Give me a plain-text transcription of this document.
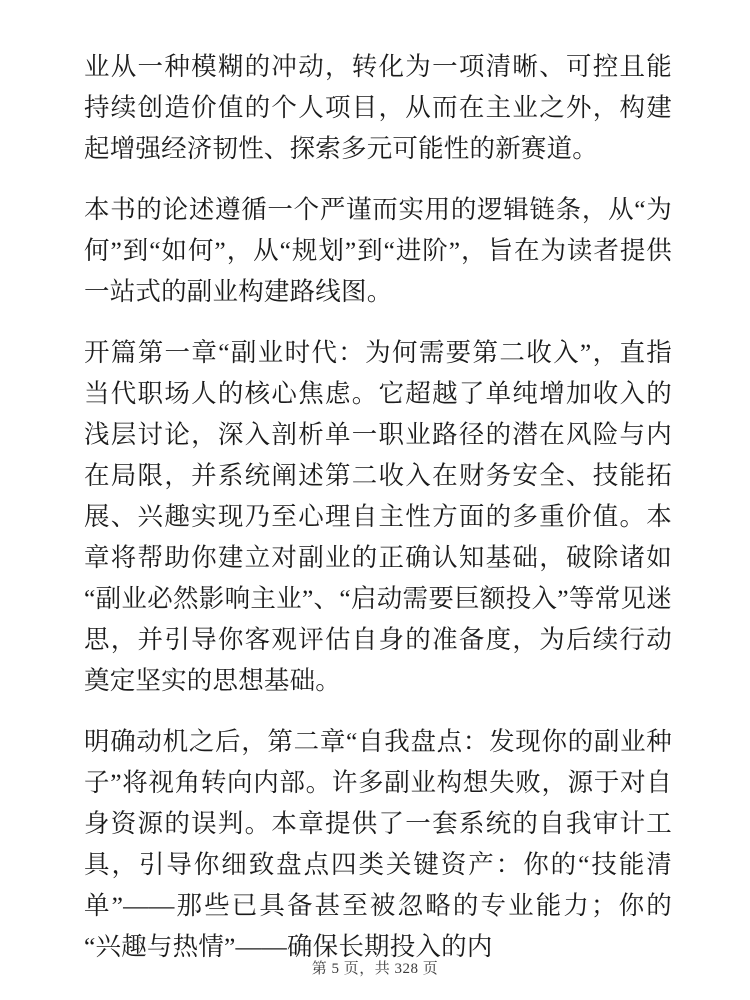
业从一种模糊的冲动，转化为一项清晰、可控且能持续创造价值的个人项目，从而在主业之外，构建起增强经济韧性、探索多元可能性的新赛道。

本书的论述遵循一个严谨而实用的逻辑链条，从“为何”到“如何”，从“规划”到“进阶”，旨在为读者提供一站式的副业构建路线图。

开篇第一章“副业时代：为何需要第二收入”，直指当代职场人的核心焦虑。它超越了单纯增加收入的浅层讨论，深入剖析单一职业路径的潜在风险与内在局限，并系统阐述第二收入在财务安全、技能拓展、兴趣实现乃至心理自主性方面的多重价值。本章将帮助你建立对副业的正确认知基础，破除诸如“副业必然影响主业”、“启动需要巨额投入”等常见迷思，并引导你客观评估自身的准备度，为后续行动奠定坚实的思想基础。

明确动机之后，第二章“自我盘点：发现你的副业种子”将视角转向内部。许多副业构想失败，源于对自身资源的误判。本章提供了一套系统的自我审计工具，引导你细致盘点四类关键资产：你的“技能清单”——那些已具备甚至被忽略的专业能力；你的“兴趣与热情”——确保长期投入的内

第 5 页，共 328 页
